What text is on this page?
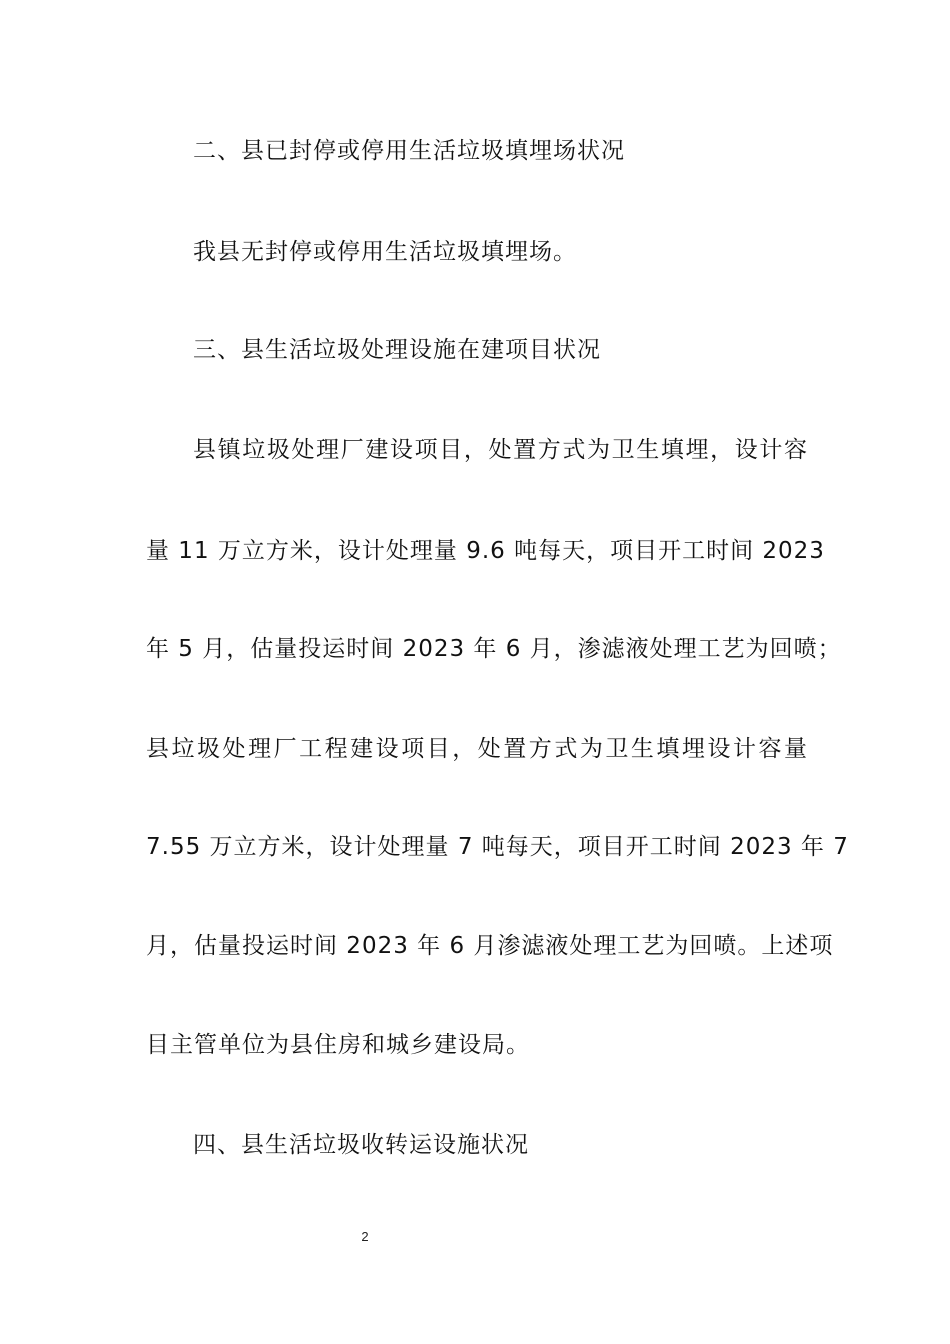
二、县已封停或停用生活垃圾填埋场状况
我县无封停或停用生活垃圾填埋场。
三、县生活垃圾处理设施在建项目状况
县镇垃圾处理厂建设项目，处置方式为卫生填埋，设计容
量 11 万立方米，设计处理量 9.6 吨每天，项目开工时间 2023
年 5 月，估量投运时间 2023 年 6 月，渗滤液处理工艺为回喷；
县垃圾处理厂工程建设项目，处置方式为卫生填埋设计容量
7.55 万立方米，设计处理量 7 吨每天，项目开工时间 2023 年 7
月，估量投运时间 2023 年 6 月渗滤液处理工艺为回喷。上述项
目主管单位为县住房和城乡建设局。
四、县生活垃圾收转运设施状况
2
